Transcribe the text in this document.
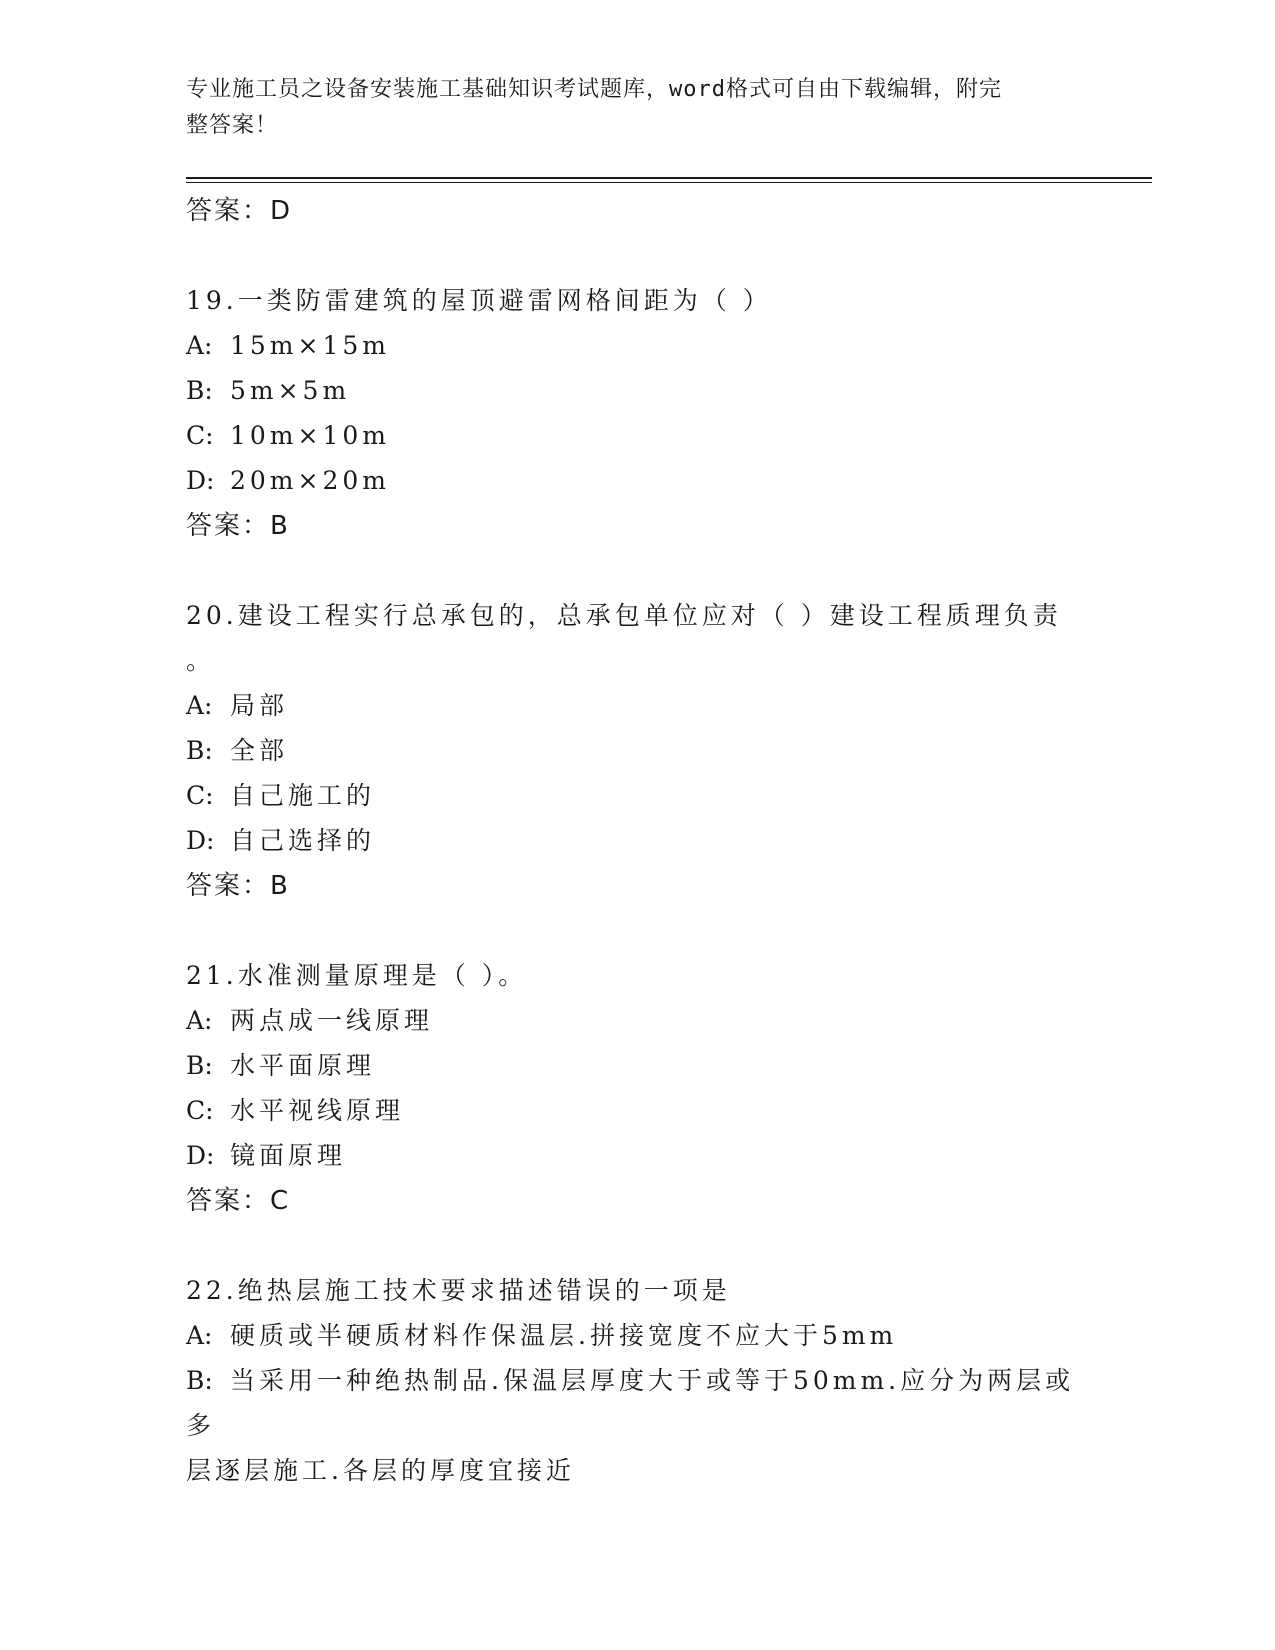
专业施工员之设备安装施工基础知识考试题库，word格式可自由下载编辑，附完
整答案！
答案：D
19.一类防雷建筑的屋顶避雷网格间距为（ ）
A: 15m×15m
B: 5m×5m
C: 10m×10m
D: 20m×20m
答案：B
20.建设工程实行总承包的，总承包单位应对（ ）建设工程质理负责
。
A: 局部
B: 全部
C: 自己施工的
D: 自己选择的
答案：B
21.水准测量原理是（ ）。
A: 两点成一线原理
B: 水平面原理
C: 水平视线原理
D: 镜面原理
答案：C
22.绝热层施工技术要求描述错误的一项是
A: 硬质或半硬质材料作保温层.拼接宽度不应大于5mm
B: 当采用一种绝热制品.保温层厚度大于或等于50mm.应分为两层或多
层逐层施工.各层的厚度宜接近
